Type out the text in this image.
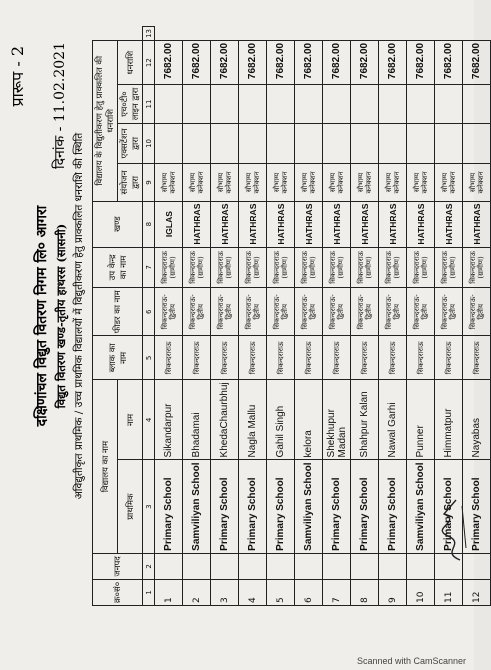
प्रारूप - 2
दक्षिणांचल विद्युत वितरण निगम लि० आगरा
दिनांक - 11.02.2021
विद्युत वितरण खण्ड-तृतीय हाथरस (सासनी) अविद्युतीकृत प्राथमिक / उच्च प्राथमिक विद्यालयों में विद्युतीकरण हेतु प्राक्कलित धनराशि की स्थिति
क्र०सं०	जनपद	विद्यालय का नाम		ब्लाक का नाम	फीडर का नाम	उप केन्द्र का नाम	खण्ड	विद्यालय के विद्युतीकरण हेतु प्राक्कलित की धनराशि				
		प्राथमिक	नाम					संयोजन द्वारा	एक्सटेंशन द्वारा	एच०टी० लाइन द्वारा	धनराशि	
1	2	3	4	5	6	7	8	9	10	11	12	13
1		Primary School	Sikandarpur	सिकन्दराराऊ	सिकन्दराराऊ-द्वितीय	सिकन्दराराऊ (ग्रामीण)	IGLAS	सौभाग्य कनेक्शन			7682.00	
2		Samviliyan School	Bhadamai	सिकन्दराराऊ	सिकन्दराराऊ-द्वितीय	सिकन्दराराऊ (ग्रामीण)	HATHRAS	सौभाग्य कनेक्शन			7682.00	
3		Primary School	KhedaChaurbhuj	सिकन्दराराऊ	सिकन्दराराऊ-द्वितीय	सिकन्दराराऊ (ग्रामीण)	HATHRAS	सौभाग्य कनेक्शन			7682.00	
4		Primary School	Nagla Mallu	सिकन्दराराऊ	सिकन्दराराऊ-द्वितीय	सिकन्दराराऊ (ग्रामीण)	HATHRAS	सौभाग्य कनेक्शन			7682.00	
5		Primary School	Gahil Singh	सिकन्दराराऊ	सिकन्दराराऊ-द्वितीय	सिकन्दराराऊ (ग्रामीण)	HATHRAS	सौभाग्य कनेक्शन			7682.00	
6		Samviliyan School	kelora	सिकन्दराराऊ	सिकन्दराराऊ-द्वितीय	सिकन्दराराऊ (ग्रामीण)	HATHRAS	सौभाग्य कनेक्शन			7682.00	
7		Primary School	Shekhupur Madan	सिकन्दराराऊ	सिकन्दराराऊ-द्वितीय	सिकन्दराराऊ (ग्रामीण)	HATHRAS	सौभाग्य कनेक्शन			7682.00	
8		Primary School	Shahpur Kalan	सिकन्दराराऊ	सिकन्दराराऊ-द्वितीय	सिकन्दराराऊ (ग्रामीण)	HATHRAS	सौभाग्य कनेक्शन			7682.00	
9		Primary School	Nawal Garhi	सिकन्दराराऊ	सिकन्दराराऊ-द्वितीय	सिकन्दराराऊ (ग्रामीण)	HATHRAS	सौभाग्य कनेक्शन			7682.00	
10		Samviliyan School	Punner	सिकन्दराराऊ	सिकन्दराराऊ-द्वितीय	सिकन्दराराऊ (ग्रामीण)	HATHRAS	सौभाग्य कनेक्शन			7682.00	
11		Primary School	Himmatpur	सिकन्दराराऊ	सिकन्दराराऊ-द्वितीय	सिकन्दराराऊ (ग्रामीण)	HATHRAS	सौभाग्य कनेक्शन			7682.00	
12		Primary School	Nayabas	सिकन्दराराऊ	सिकन्दराराऊ-द्वितीय	सिकन्दराराऊ (ग्रामीण)	HATHRAS	सौभाग्य कनेक्शन			7682.00	
Scanned with CamScanner
